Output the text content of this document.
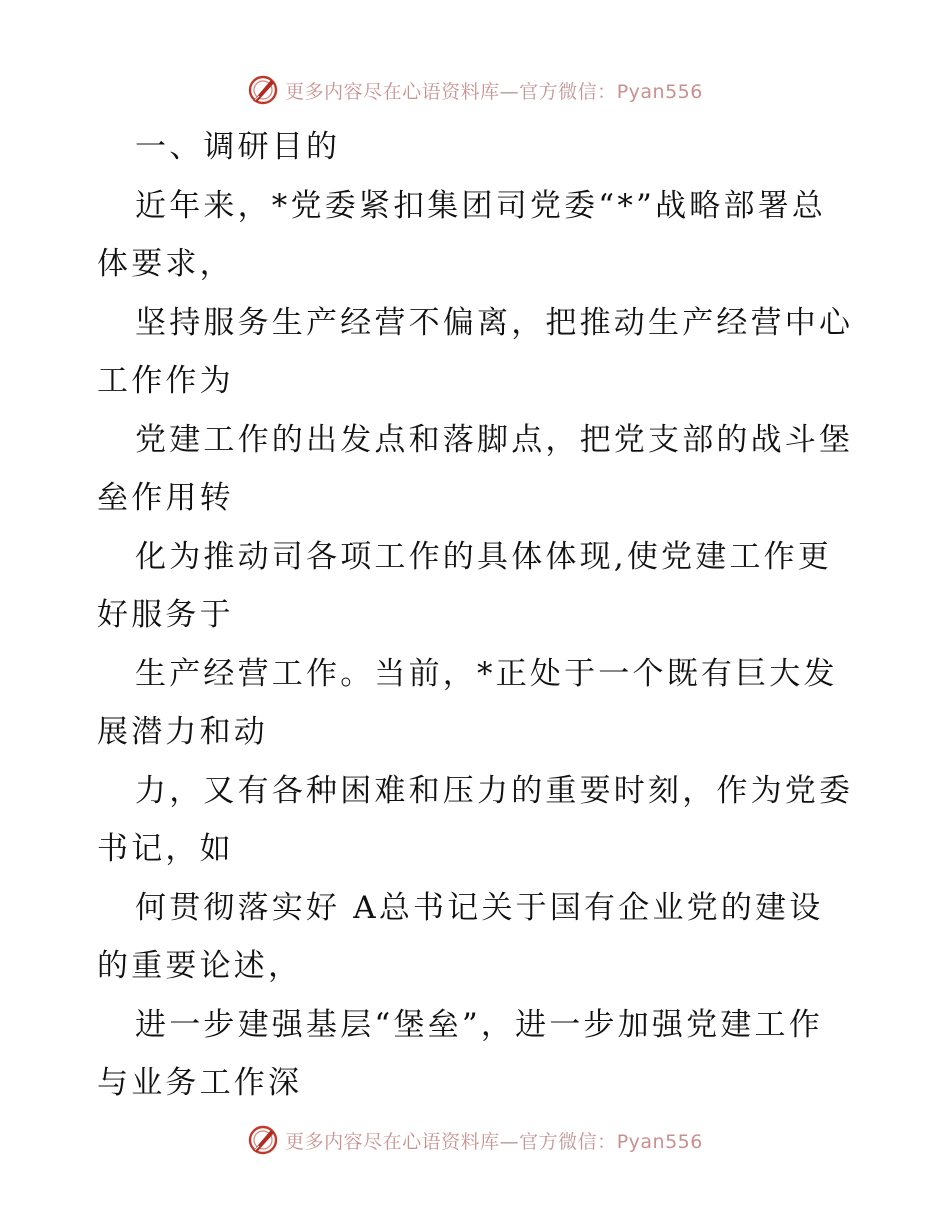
更多内容尽在心语资料库—官方微信：Pyan556
一、调研目的
近年来，*党委紧扣集团司党委“*”战略部署总
体要求，
坚持服务生产经营不偏离，把推动生产经营中心
工作作为
党建工作的出发点和落脚点，把党支部的战斗堡
垒作用转
化为推动司各项工作的具体体现,使党建工作更
好服务于
生产经营工作。当前，*正处于一个既有巨大发
展潜力和动
力，又有各种困难和压力的重要时刻，作为党委
书记，如
何贯彻落实好 A总书记关于国有企业党的建设
的重要论述，
进一步建强基层“堡垒”，进一步加强党建工作
与业务工作深
更多内容尽在心语资料库—官方微信：Pyan556
